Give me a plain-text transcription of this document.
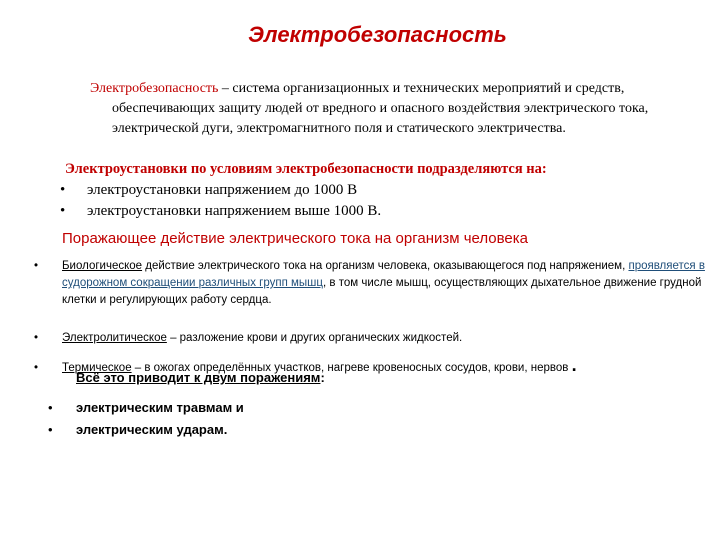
Электробезопасность
Электробезопасность – система организационных и технических мероприятий и средств, обеспечивающих защиту людей от вредного и опасного воздействия электрического тока, электрической дуги, электромагнитного поля и статического электричества.
Электроустановки по условиям электробезопасности подразделяются на:
• электроустановки напряжением до 1000 В
• электроустановки напряжением выше 1000 В.
Поражающее действие электрического тока на организм человека
• Биологическое действие электрического тока на организм человека, оказывающегося под напряжением, проявляется в судорожном сокращении различных групп мышц, в том числе мышц, осуществляющих дыхательное движение грудной клетки и регулирующих работу сердца.
• Электролитическое – разложение крови и других органических жидкостей.
• Термическое – в ожогах определённых участков, нагреве кровеносных сосудов, крови, нервов .
Всё это приводит к двум поражениям:
• электрическим травмам и
• электрическим ударам.
